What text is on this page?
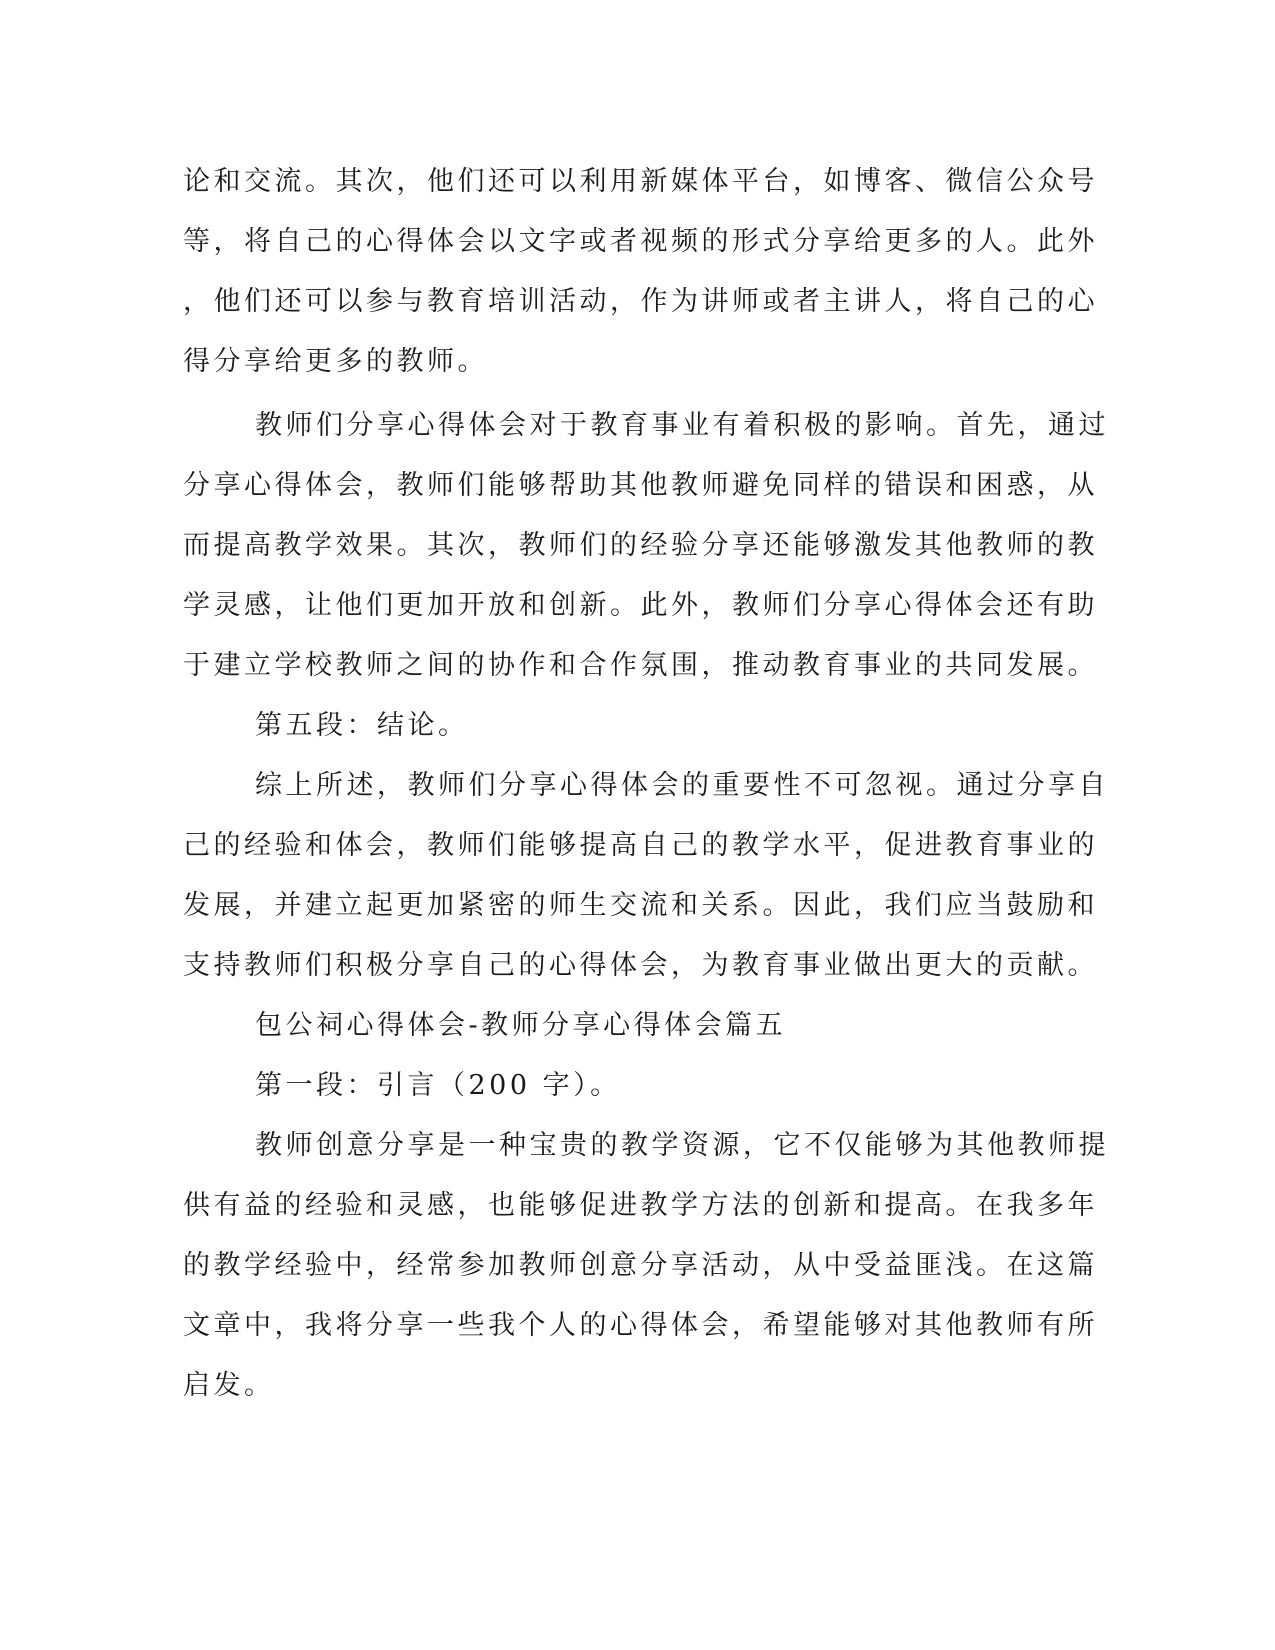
论和交流。其次，他们还可以利用新媒体平台，如博客、微信公众号
等，将自己的心得体会以文字或者视频的形式分享给更多的人。此外
，他们还可以参与教育培训活动，作为讲师或者主讲人，将自己的心
得分享给更多的教师。
教师们分享心得体会对于教育事业有着积极的影响。首先，通过
分享心得体会，教师们能够帮助其他教师避免同样的错误和困惑，从
而提高教学效果。其次，教师们的经验分享还能够激发其他教师的教
学灵感，让他们更加开放和创新。此外，教师们分享心得体会还有助
于建立学校教师之间的协作和合作氛围，推动教育事业的共同发展。
第五段：结论。
综上所述，教师们分享心得体会的重要性不可忽视。通过分享自
己的经验和体会，教师们能够提高自己的教学水平，促进教育事业的
发展，并建立起更加紧密的师生交流和关系。因此，我们应当鼓励和
支持教师们积极分享自己的心得体会，为教育事业做出更大的贡献。
包公祠心得体会-教师分享心得体会篇五
第一段：引言（200 字）。
教师创意分享是一种宝贵的教学资源，它不仅能够为其他教师提
供有益的经验和灵感，也能够促进教学方法的创新和提高。在我多年
的教学经验中，经常参加教师创意分享活动，从中受益匪浅。在这篇
文章中，我将分享一些我个人的心得体会，希望能够对其他教师有所
启发。
